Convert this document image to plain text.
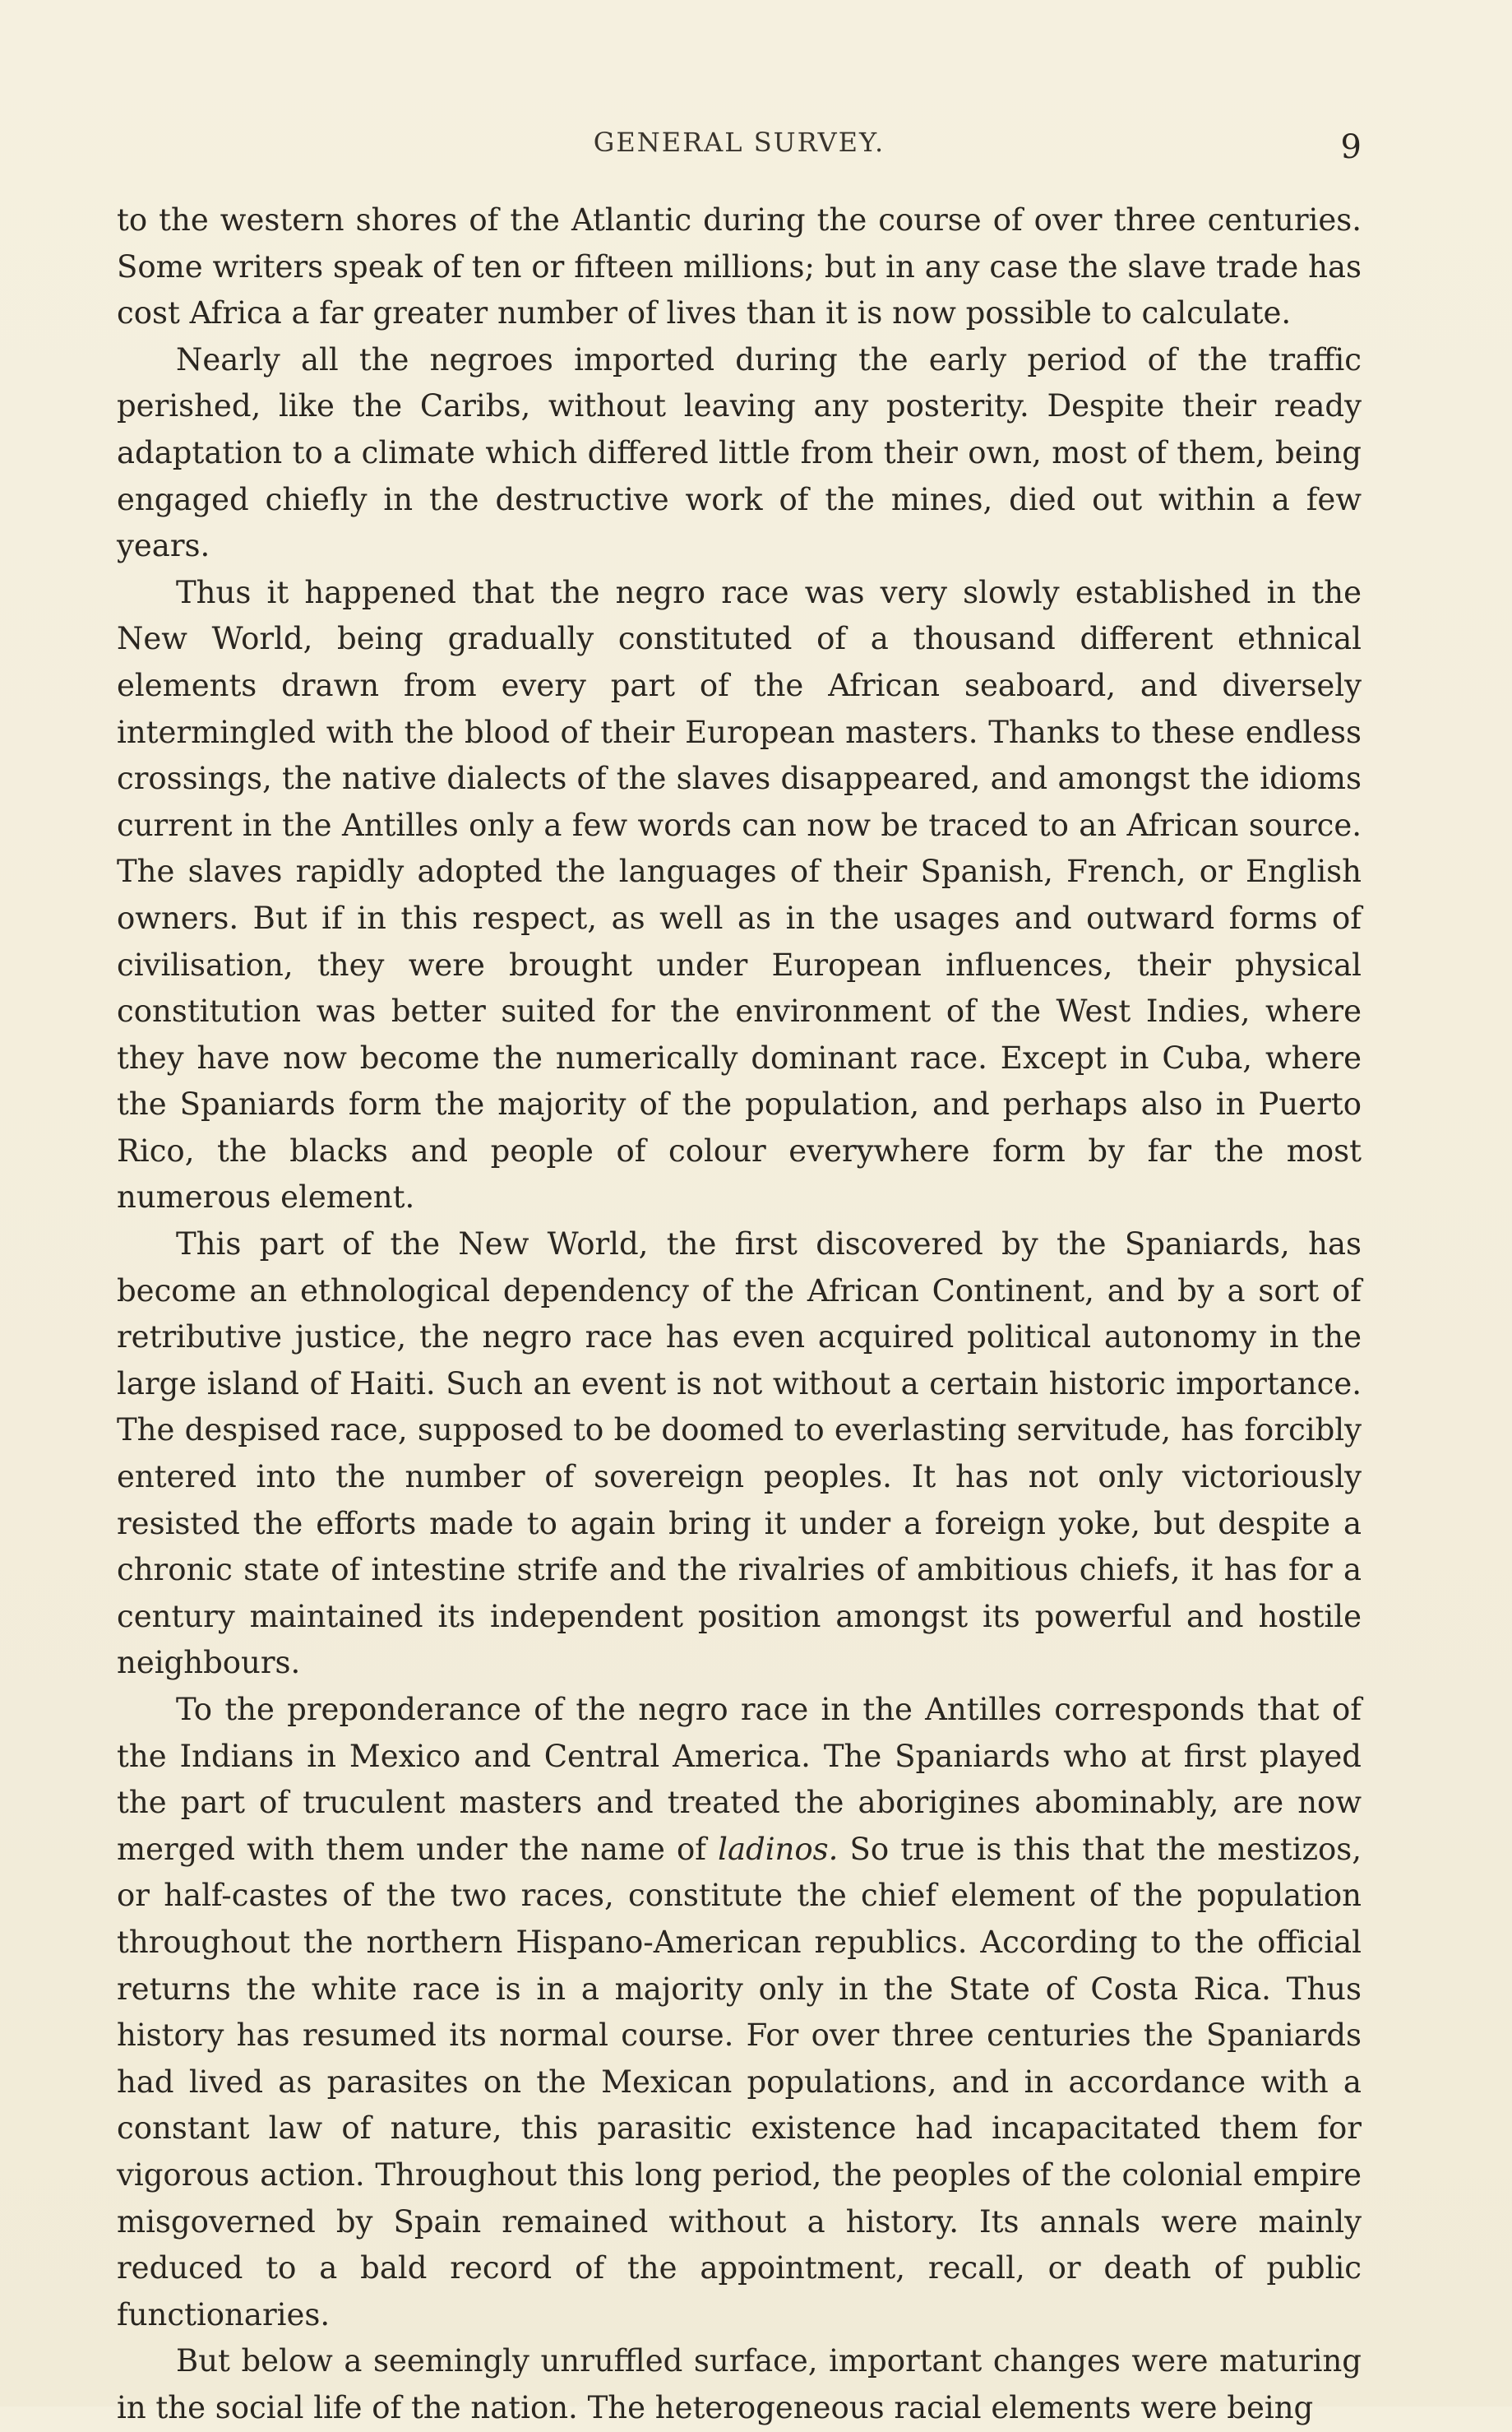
GENERAL SURVEY.	9

to the western shores of the Atlantic during the course of over three centuries. Some writers speak of ten or fifteen millions; but in any case the slave trade has cost Africa a far greater number of lives than it is now possible to calculate.

Nearly all the negroes imported during the early period of the traffic perished, like the Caribs, without leaving any posterity. Despite their ready adaptation to a climate which differed little from their own, most of them, being engaged chiefly in the destructive work of the mines, died out within a few years.

Thus it happened that the negro race was very slowly established in the New World, being gradually constituted of a thousand different ethnical elements drawn from every part of the African seaboard, and diversely intermingled with the blood of their European masters. Thanks to these endless crossings, the native dialects of the slaves disappeared, and amongst the idioms current in the Antilles only a few words can now be traced to an African source. The slaves rapidly adopted the languages of their Spanish, French, or English owners. But if in this respect, as well as in the usages and outward forms of civilisation, they were brought under European influences, their physical constitution was better suited for the environment of the West Indies, where they have now become the numerically dominant race. Except in Cuba, where the Spaniards form the majority of the population, and perhaps also in Puerto Rico, the blacks and people of colour everywhere form by far the most numerous element.

This part of the New World, the first discovered by the Spaniards, has become an ethnological dependency of the African Continent, and by a sort of retributive justice, the negro race has even acquired political autonomy in the large island of Haiti. Such an event is not without a certain historic importance. The despised race, supposed to be doomed to everlasting servitude, has forcibly entered into the number of sovereign peoples. It has not only victoriously resisted the efforts made to again bring it under a foreign yoke, but despite a chronic state of intestine strife and the rivalries of ambitious chiefs, it has for a century maintained its independent position amongst its powerful and hostile neighbours.

To the preponderance of the negro race in the Antilles corresponds that of the Indians in Mexico and Central America. The Spaniards who at first played the part of truculent masters and treated the aborigines abominably, are now merged with them under the name of ladinos. So true is this that the mestizos, or half-castes of the two races, constitute the chief element of the population throughout the northern Hispano-American republics. According to the official returns the white race is in a majority only in the State of Costa Rica. Thus history has resumed its normal course. For over three centuries the Spaniards had lived as parasites on the Mexican populations, and in accordance with a constant law of nature, this parasitic existence had incapacitated them for vigorous action. Throughout this long period, the peoples of the colonial empire misgoverned by Spain remained without a history. Its annals were mainly reduced to a bald record of the appointment, recall, or death of public functionaries.

But below a seemingly unruffled surface, important changes were maturing in the social life of the nation. The heterogeneous racial elements were being
